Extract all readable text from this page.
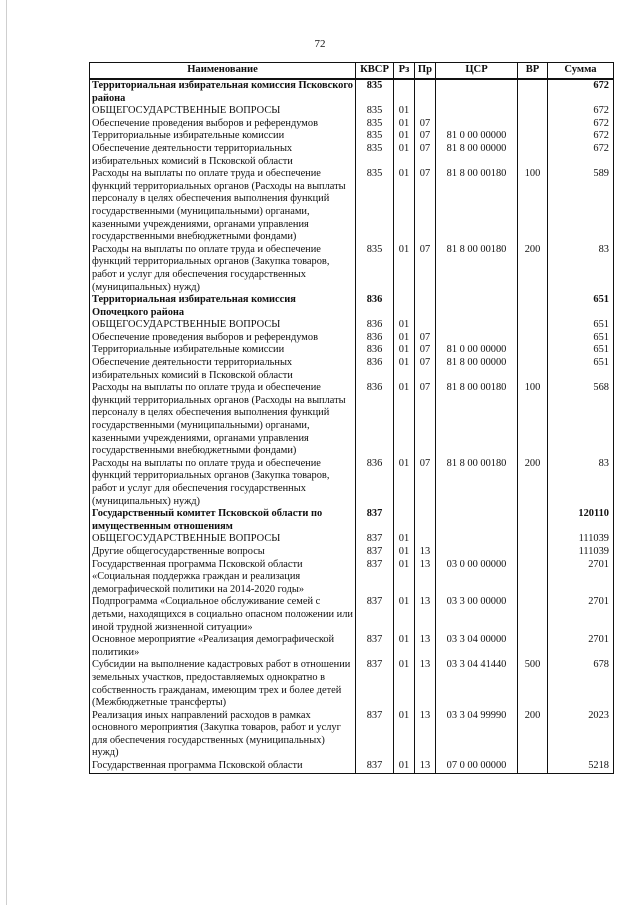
72
Наименование	КВСР	Рз	Пр	ЦСР	ВР	Сумма
Территориальная избирательная комиссия Псковского района	835					672
ОБЩЕГОСУДАРСТВЕННЫЕ ВОПРОСЫ	835	01				672
Обеспечение проведения выборов и референдумов	835	01	07			672
Территориальные избирательные комиссии	835	01	07	81 0 00 00000		672
Обеспечение деятельности территориальных избирательных комисий в Псковской области	835	01	07	81 8 00 00000		672
Расходы на выплаты по оплате труда и обеспечение функций территориальных органов (Расходы на выплаты персоналу в целях обеспечения выполнения функций государственными (муниципальными) органами, казенными учреждениями, органами управления государственными внебюджетными фондами)	835	01	07	81 8 00 00180	100	589
Расходы на выплаты по оплате труда и обеспечение функций территориальных органов (Закупка товаров, работ и услуг для обеспечения государственных (муниципальных) нужд)	835	01	07	81 8 00 00180	200	83
Территориальная избирательная комиссия Опочецкого района	836					651
ОБЩЕГОСУДАРСТВЕННЫЕ ВОПРОСЫ	836	01				651
Обеспечение проведения выборов и референдумов	836	01	07			651
Территориальные избирательные комиссии	836	01	07	81 0 00 00000		651
Обеспечение деятельности территориальных избирательных комисий в Псковской области	836	01	07	81 8 00 00000		651
Расходы на выплаты по оплате труда и обеспечение функций территориальных органов (Расходы на выплаты персоналу в целях обеспечения выполнения функций государственными (муниципальными) органами, казенными учреждениями, органами управления государственными внебюджетными фондами)	836	01	07	81 8 00 00180	100	568
Расходы на выплаты по оплате труда и обеспечение функций территориальных органов (Закупка товаров, работ и услуг для обеспечения государственных (муниципальных) нужд)	836	01	07	81 8 00 00180	200	83
Государственный комитет Псковской области по имущественным отношениям	837					120110
ОБЩЕГОСУДАРСТВЕННЫЕ ВОПРОСЫ	837	01				111039
Другие общегосударственные вопросы	837	01	13			111039
Государственная программа Псковской области «Социальная поддержка граждан и реализация демографической политики на 2014-2020 годы»	837	01	13	03 0 00 00000		2701
Подпрограмма «Социальное обслуживание семей с детьми, находящихся в социально опасном положении или иной трудной жизненной ситуации»	837	01	13	03 3 00 00000		2701
Основное мероприятие «Реализация демографической политики»	837	01	13	03 3 04 00000		2701
Субсидии на выполнение кадастровых работ в отношении земельных участков, предоставляемых однократно в собственность гражданам, имеющим трех и более детей (Межбюджетные трансферты)	837	01	13	03 3 04 41440	500	678
Реализация иных направлений расходов в рамках основного мероприятия (Закупка товаров, работ и услуг для обеспечения государственных (муниципальных) нужд)	837	01	13	03 3 04 99990	200	2023
Государственная программа Псковской области	837	01	13	07 0 00 00000		5218
